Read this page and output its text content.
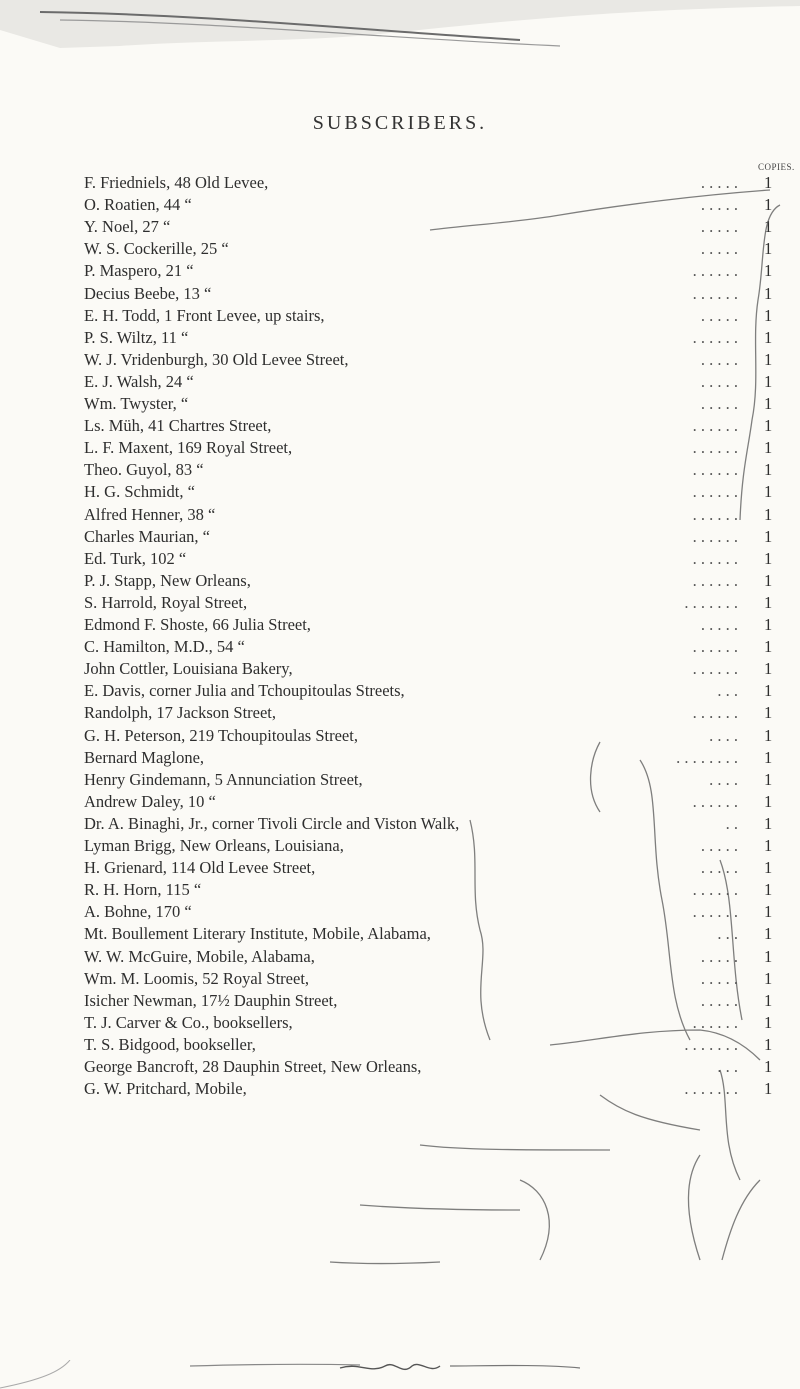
SUBSCRIBERS.
COPIES.
F. Friedniels, 48 Old Levee,	. . . . . 1
O. Roatien, 44 “	. . . . . 1
Y. Noel, 27 “	. . . . . 1
W. S. Cockerille, 25 “	. . . . . 1
P. Maspero, 21 “	. . . . . . 1
Decius Beebe, 13 “	. . . . . . 1
E. H. Todd, 1 Front Levee, up stairs,	. . . . . 1
P. S. Wiltz, 11 “	. . . . . . 1
W. J. Vridenburgh, 30 Old Levee Street,	. . . . . 1
E. J. Walsh, 24 “	. . . . . 1
Wm. Twyster, “	. . . . . 1
Ls. Müh, 41 Chartres Street,	. . . . . . 1
L. F. Maxent, 169 Royal Street,	. . . . . . 1
Theo. Guyol, 83 “	. . . . . . 1
H. G. Schmidt, “	. . . . . . 1
Alfred Henner, 38 “	. . . . . . 1
Charles Maurian, “	. . . . . . 1
Ed. Turk, 102 “	. . . . . . 1
P. J. Stapp, New Orleans,	. . . . . . 1
S. Harrold, Royal Street,	. . . . . . . 1
Edmond F. Shoste, 66 Julia Street,	. . . . . 1
C. Hamilton, M.D., 54 “	. . . . . . 1
John Cottler, Louisiana Bakery,	. . . . . . 1
E. Davis, corner Julia and Tchoupitoulas Streets,	. . . 1
Randolph, 17 Jackson Street,	. . . . . . 1
G. H. Peterson, 219 Tchoupitoulas Street,	. . . . 1
Bernard Maglone,	. . . . . . . . 1
Henry Gindemann, 5 Annunciation Street,	. . . . 1
Andrew Daley, 10 “	. . . . . . 1
Dr. A. Binaghi, Jr., corner Tivoli Circle and Viston Walk,	. . 1
Lyman Brigg, New Orleans, Louisiana,	. . . . . 1
H. Grienard, 114 Old Levee Street,	. . . . . 1
R. H. Horn, 115 “	. . . . . . 1
A. Bohne, 170 “	. . . . . . 1
Mt. Boullement Literary Institute, Mobile, Alabama,	. . . 1
W. W. McGuire, Mobile, Alabama,	. . . . . 1
Wm. M. Loomis, 52 Royal Street,	. . . . . 1
Isicher Newman, 17½ Dauphin Street,	. . . . . 1
T. J. Carver & Co., booksellers,	. . . . . . 1
T. S. Bidgood, bookseller,	. . . . . . . 1
George Bancroft, 28 Dauphin Street, New Orleans,	. . . 1
G. W. Pritchard, Mobile,	. . . . . . . 1
